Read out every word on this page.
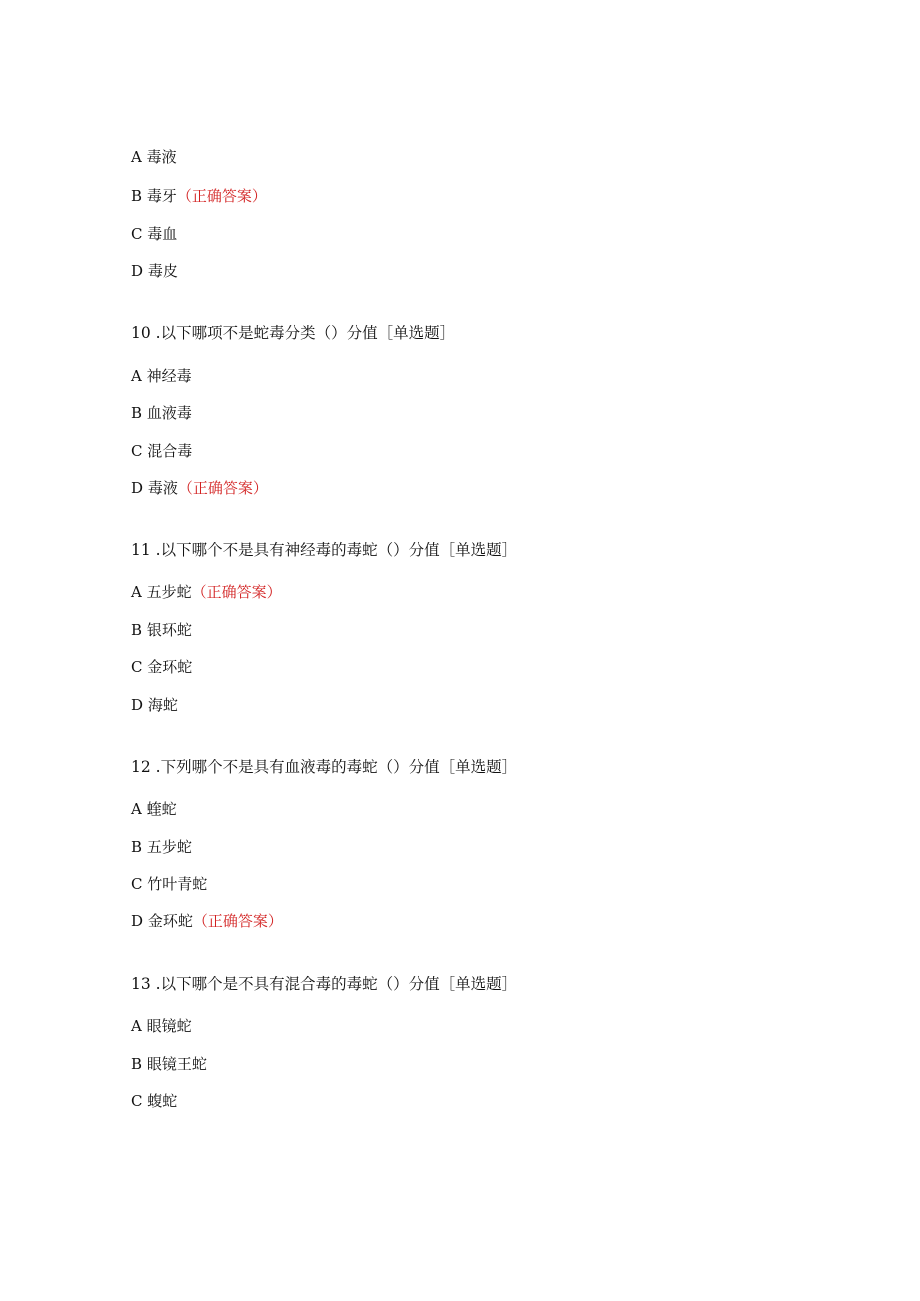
A 毒液
B 毒牙（正确答案）
C 毒血
D 毒皮
10 .以下哪项不是蛇毒分类（）分值［单选题］
A 神经毒
B 血液毒
C 混合毒
D 毒液（正确答案）
11 .以下哪个不是具有神经毒的毒蛇（）分值［单选题］
A 五步蛇（正确答案）
B 银环蛇
C 金环蛇
D 海蛇
12 .下列哪个不是具有血液毒的毒蛇（）分值［单选题］
A 蝰蛇
B 五步蛇
C 竹叶青蛇
D 金环蛇（正确答案）
13 .以下哪个是不具有混合毒的毒蛇（）分值［单选题］
A 眼镜蛇
B 眼镜王蛇
C 蝮蛇
